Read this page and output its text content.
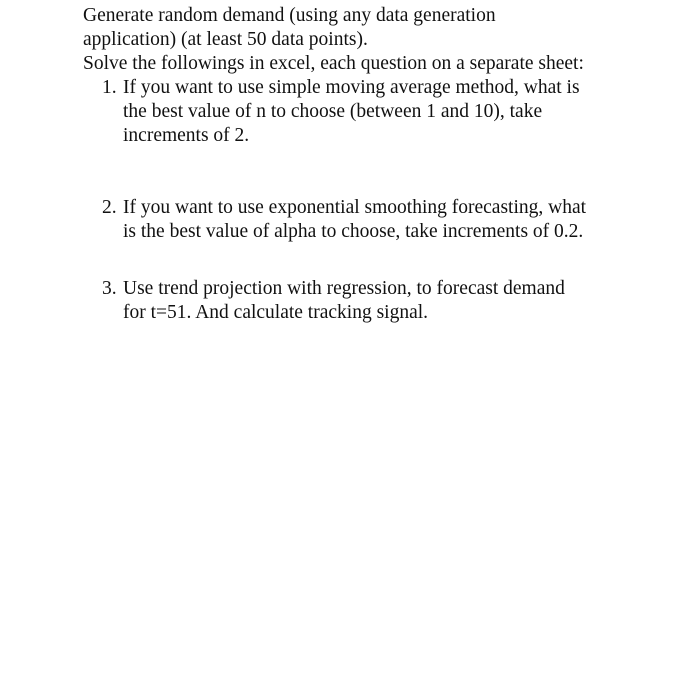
Generate random demand (using any data generation
application) (at least 50 data points).
Solve the followings in excel, each question on a separate sheet:
1. If you want to use simple moving average method, what is
the best value of n to choose (between 1 and 10), take
increments of 2.
2. If you want to use exponential smoothing forecasting, what
is the best value of alpha to choose, take increments of 0.2.
3. Use trend projection with regression, to forecast demand
for t=51. And calculate tracking signal.
